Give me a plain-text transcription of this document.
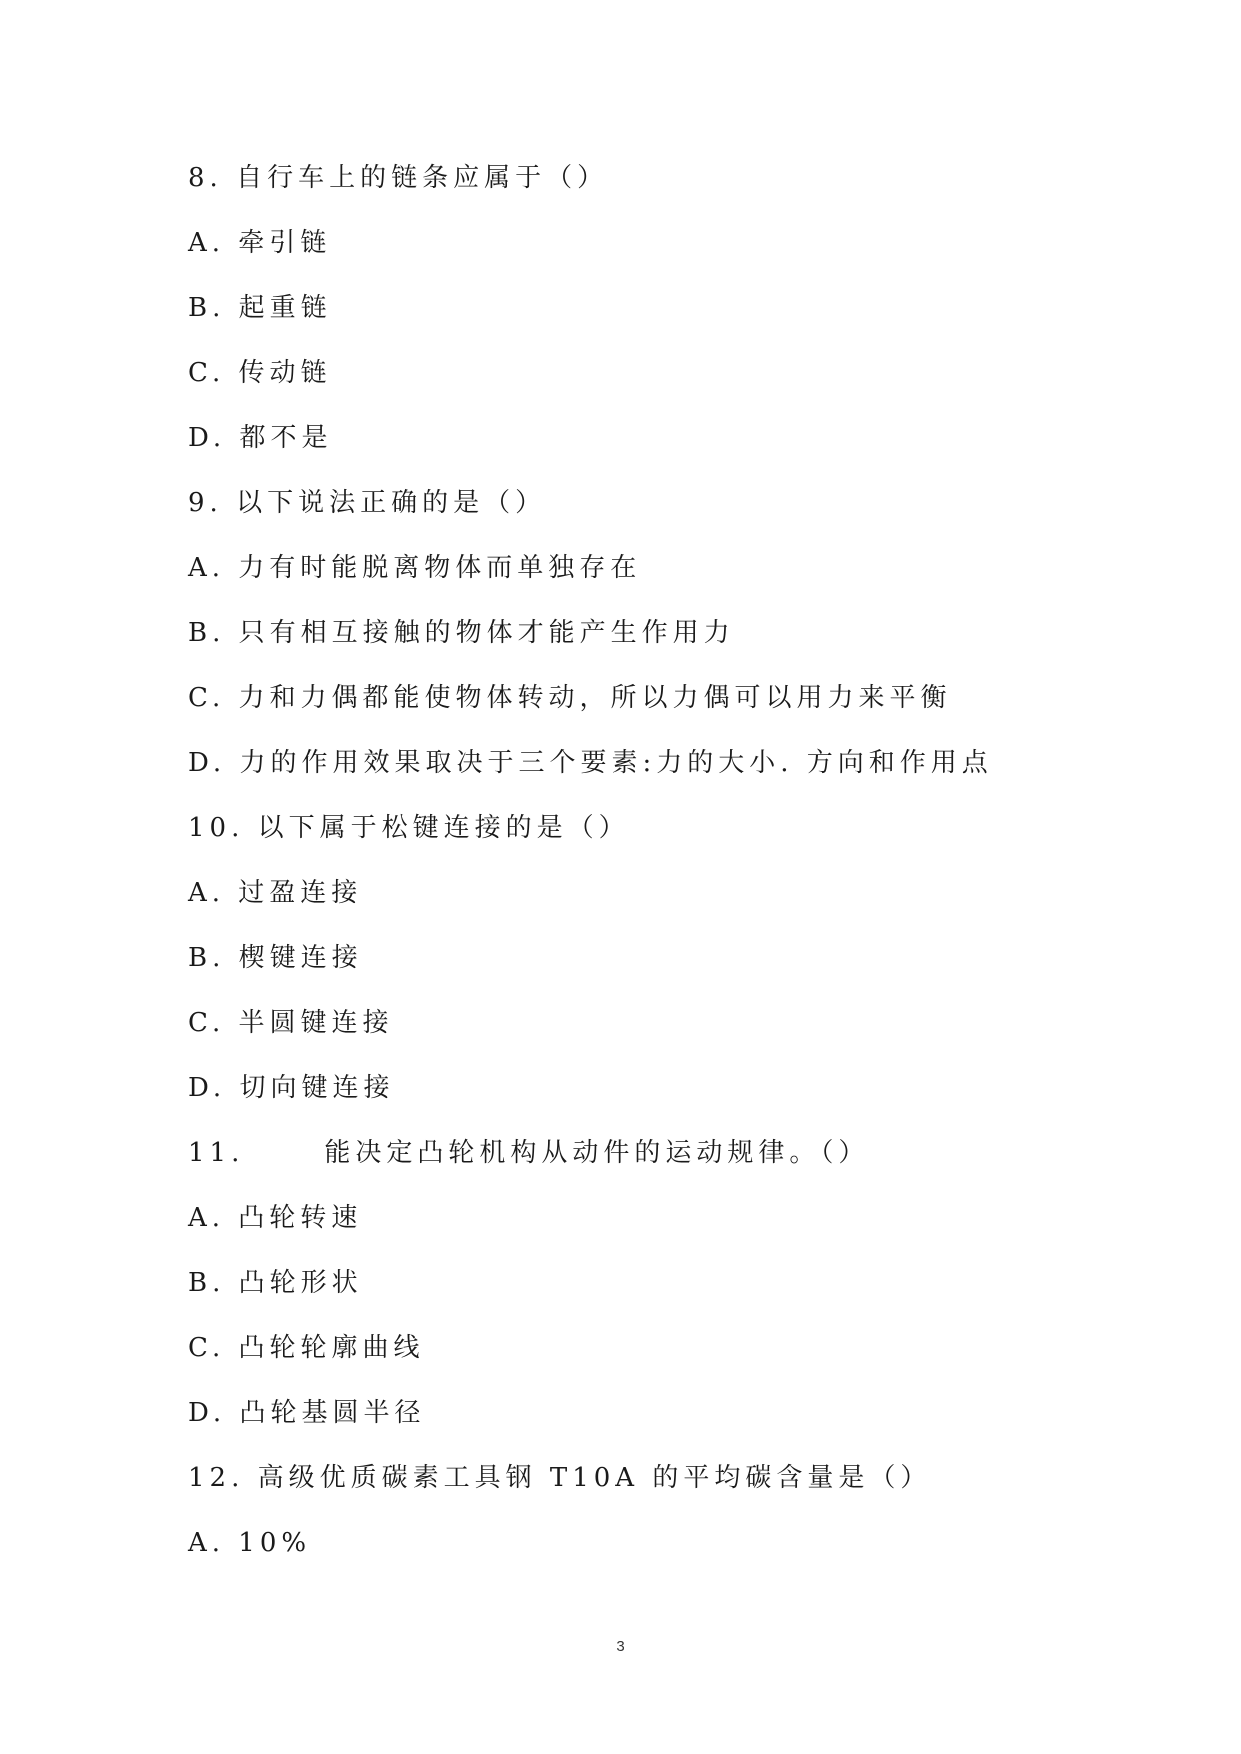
8. 自行车上的链条应属于（）
A. 牵引链
B. 起重链
C. 传动链
D. 都不是
9. 以下说法正确的是（）
A. 力有时能脱离物体而单独存在
B. 只有相互接触的物体才能产生作用力
C. 力和力偶都能使物体转动，所以力偶可以用力来平衡
D. 力的作用效果取决于三个要素:力的大小. 方向和作用点
10. 以下属于松键连接的是（）
A. 过盈连接
B. 楔键连接
C. 半圆键连接
D. 切向键连接
11.	能决定凸轮机构从动件的运动规律。（）
A. 凸轮转速
B. 凸轮形状
C. 凸轮轮廓曲线
D. 凸轮基圆半径
12. 高级优质碳素工具钢 T10A 的平均碳含量是（）
A. 10%
3
